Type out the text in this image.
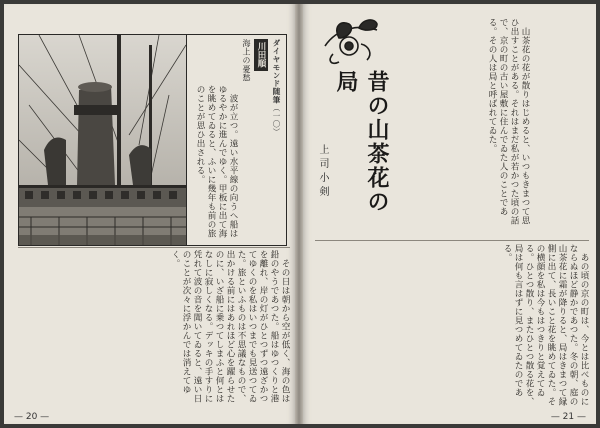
ダイヤモンド随筆（一〇）
川田順
海上の憂愁

波が立つ。遠い水平線の向うへ船はゆるやかに進んでゆく。甲板に出て海を眺めてゐると、ふいに幾年も前の旅のことが思ひ出される。

その日は朝から空が低く、海の色は鉛のやうであつた。船はゆつくりと港を離れ、岸の灯がひとつずつ遠ざかつてゆくのを私はいつまでも見送つてゐた。旅といふものは不思議なもので、出かける前にはあれほど心を躍らせたのに、いざ船に乗つてしまふと何とはなしに寂しくなる。デッキの手すりに凭れて波の音を聞いてゐると、遠い日のことが次々に浮かんでは消えてゆく。

— 20 —

山茶花の花が散りはじめると、いつもきまつて思ひ出すことがある。それはまだ私が若かつた頃の話で、京の町の古い屋敷に住んでゐた人のことである。その人は局と呼ばれてゐた。

昔の山茶花の局
上司小剣

あの頃の京の町は、今とは比べものにならぬほど静かであつた。冬の朝、庭の山茶花に霜が降りると、局はきまつて縁側に出て、長いこと花を眺めてゐた。その横顔を私は今もはつきりと覚えてゐる。ひとつ散り、またひとつ散る花を、局は何も言はずに見つめてゐたのである。

— 21 —
